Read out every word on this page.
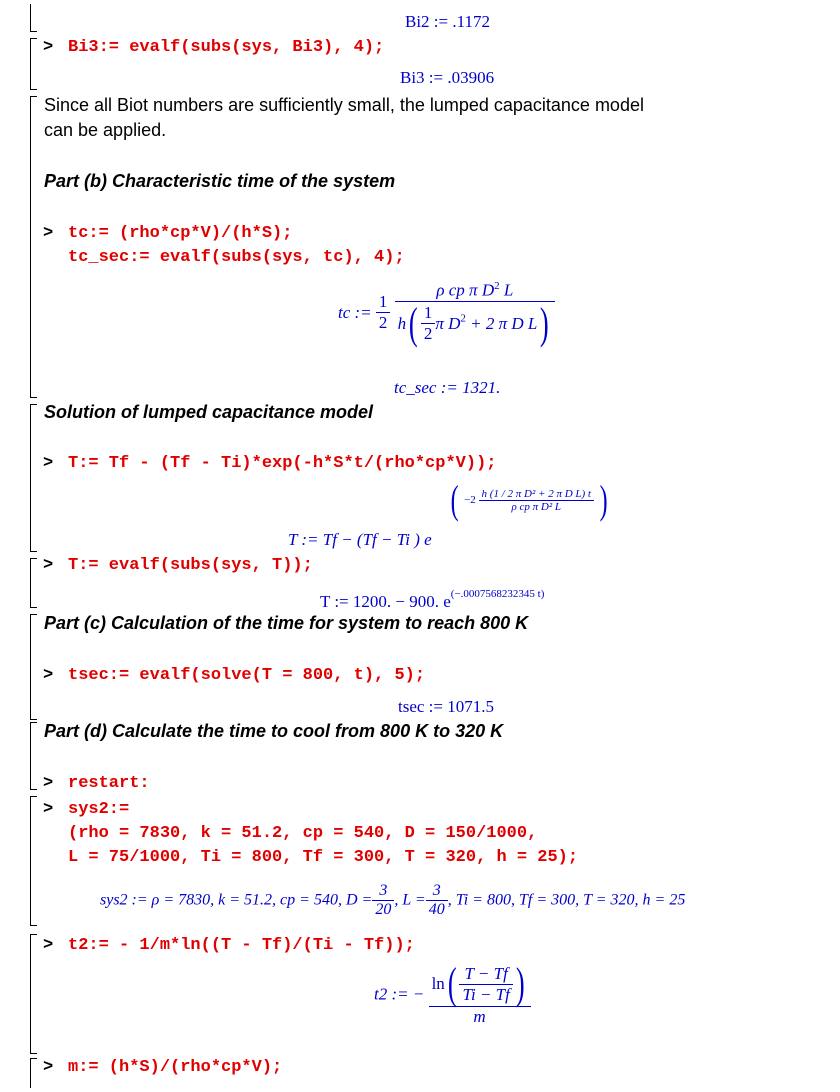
Bi2 := .1172
> Bi3:= evalf(subs(sys, Bi3), 4);
Bi3 := .03906
Since all Biot numbers are sufficiently small, the lumped capacitance model
can be applied.
Part (b) Characteristic time of the system
> tc:= (rho*cp*V)/(h*S);
tc_sec:= evalf(subs(sys, tc), 4);
tc := $\frac{1}{2}$
$\frac{\rho cp \pi D^2 L}{h( \frac{1}{2} \pi D^2 + 2 \pi D L)}$
tc_sec := 1321.
Solution of lumped capacitance model
> T:= Tf - (Tf - Ti)*exp(-h*S*t/(rho*cp*V));
T := Tf − (Tf − Ti ) e
( $-2 \frac{\text{h (1 / 2 π D² + 2 π D L) t}}{\text{ρ cp π D² L}}$ )
> T:= evalf(subs(sys, T));
T := 1200. − 900. $e^{(-.0007568232345 t)}$
Part (c) Calculation of the time for system to reach 800 K
> tsec:= evalf(solve(T = 800, t), 5);
tsec := 1071.5
Part (d) Calculate the time to cool from 800 K to 320 K
> restart:
> sys2:=
(rho = 7830, k = 51.2, cp = 540, D = 150/1000,
L = 75/1000, Ti = 800, Tf = 300, T = 320, h = 25);
sys2 := ρ = 7830, k = 51.2, cp = 540, $D = \frac{3}{20}$ , $L = \frac{3}{40}$ , Ti = 800, Tf = 300, T = 320, h = 25
> t2:= - 1/m*ln((T - Tf)/(Ti - Tf));
t2 := − $\frac{\ln( \frac{T - Tf}{Ti - Tf} )}{m}$
> m:= (h*S)/(rho*cp*V);
